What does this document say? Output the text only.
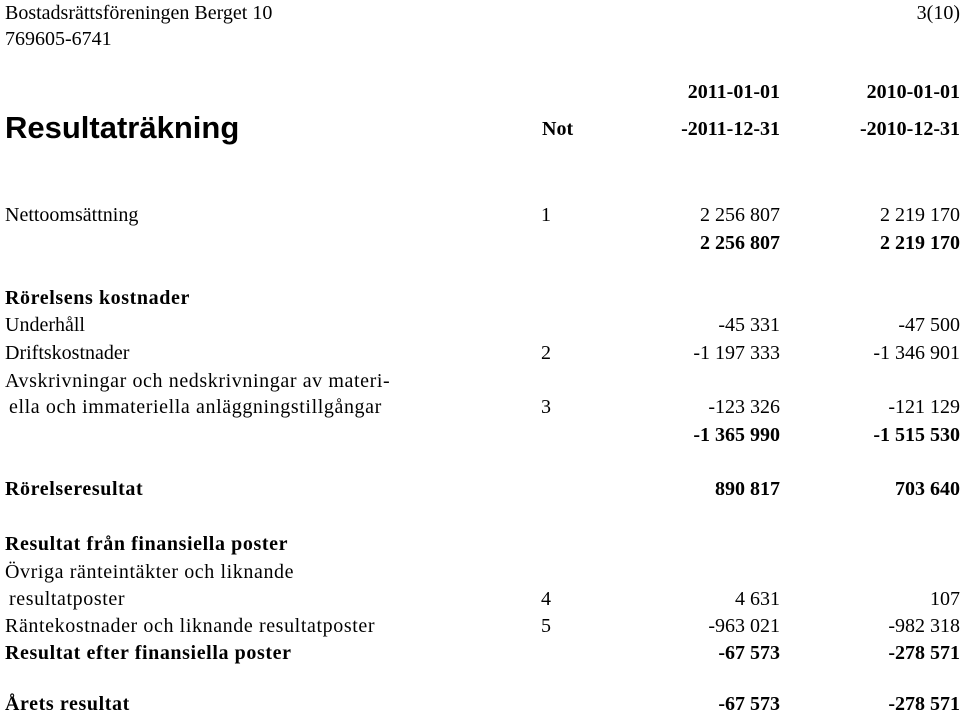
Bostadsrättsföreningen Berget 10
769605-6741
3(10)
2011-01-01	2010-01-01
Resultaträkning	Not	-2011-12-31	-2010-12-31
Nettoomsättning	1	2 256 807	2 219 170
2 256 807	2 219 170
Rörelsens kostnader
Underhåll	-45 331	-47 500
Driftskostnader	2	-1 197 333	-1 346 901
Avskrivningar och nedskrivningar av materi-
ella och immateriella anläggningstillgångar	3	-123 326	-121 129
-1 365 990	-1 515 530
Rörelseresultat	890 817	703 640
Resultat från finansiella poster
Övriga ränteintäkter och liknande
resultatposter	4	4 631	107
Räntekostnader och liknande resultatposter	5	-963 021	-982 318
Resultat efter finansiella poster	-67 573	-278 571
Årets resultat	-67 573	-278 571
